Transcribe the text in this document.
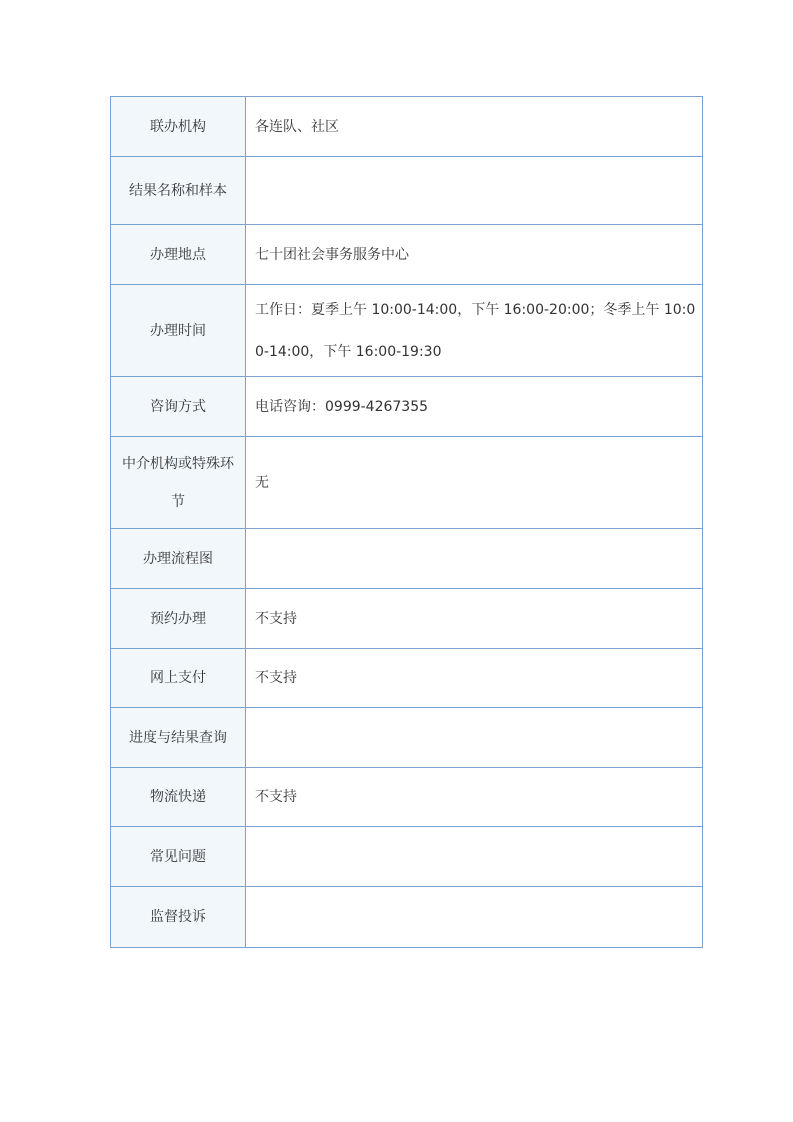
联办机构	各连队、社区
结果名称和样本	
办理地点	七十团社会事务服务中心
办理时间	工作日：夏季上午 10:00-14:00，下午 16:00-20:00；冬季上午 10:00-14:00，下午 16:00-19:30
咨询方式	电话咨询：0999-4267355
中介机构或特殊环节	无
办理流程图	
预约办理	不支持
网上支付	不支持
进度与结果查询	
物流快递	不支持
常见问题	
监督投诉	
